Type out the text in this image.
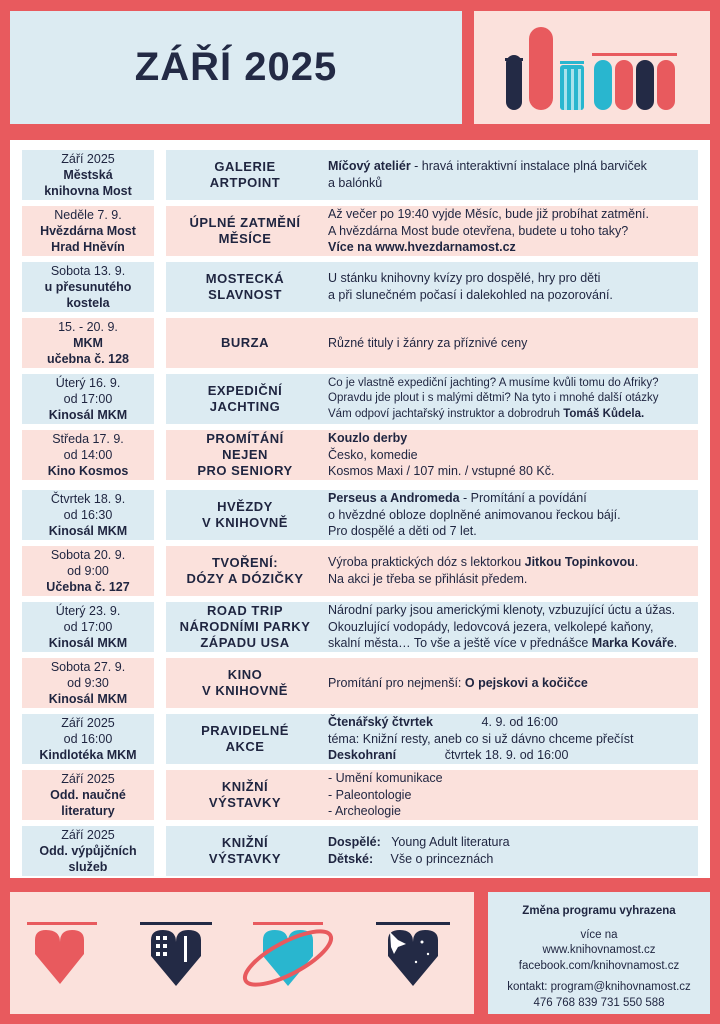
ZÁŘÍ 2025
Září 2025
Městská
knihovna Most
GALERIE
ARTPOINT
Míčový ateliér - hravá interaktivní instalace plná barviček
a balónků
Neděle 7. 9.
Hvězdárna Most
Hrad Hněvín
ÚPLNÉ ZATMĚNÍ
MĚSÍCE
Až večer po 19:40 vyjde Měsíc, bude již probíhat zatmění.
A hvězdárna Most bude otevřena, budete u toho taky?
Více na www.hvezdarnamost.cz
Sobota 13. 9.
u přesunutého
kostela
MOSTECKÁ
SLAVNOST
U stánku knihovny kvízy pro dospělé, hry pro děti
a při slunečném počasí i dalekohled na pozorování.
15. - 20. 9.
MKM
učebna č. 128
BURZA	Různé tituly i žánry za příznivé ceny
Úterý 16. 9.
od 17:00
Kinosál MKM
EXPEDIČNÍ
JACHTING
Co je vlastně expediční jachting? A musíme kvůli tomu do Afriky?
Opravdu jde plout i s malými dětmi? Na tyto i mnohé další otázky
Vám odpoví jachtařský instruktor a dobrodruh Tomáš Kůdela.
Středa 17. 9.
od 14:00
Kino Kosmos
PROMÍTÁNÍ
NEJEN
PRO SENIORY
Kouzlo derby
Česko, komedie
Kosmos Maxi / 107 min. / vstupné 80 Kč.
Čtvrtek 18. 9.
od 16:30
Kinosál MKM
HVĚZDY
V KNIHOVNĚ
Perseus a Andromeda - Promítání a povídání
o hvězdné obloze doplněné animovanou řeckou bájí.
Pro dospělé a děti od 7 let.
Sobota 20. 9.
od 9:00
Učebna č. 127
TVOŘENÍ:
DÓZY A DÓZIČKY
Výroba praktických dóz s lektorkou Jitkou Topinkovou.
Na akci je třeba se přihlásit předem.
Úterý 23. 9.
od 17:00
Kinosál MKM
ROAD TRIP
NÁRODNÍMI PARKY
ZÁPADU USA
Národní parky jsou americkými klenoty, vzbuzující úctu a úžas.
Okouzlující vodopády, ledovcová jezera, velkolepé kaňony,
skalní města… To vše a ještě více v přednášce Marka Kováře.
Sobota 27. 9.
od 9:30
Kinosál MKM
KINO
V KNIHOVNĚ
Promítání pro nejmenší: O pejskovi a kočičce
Září 2025
od 16:00
Kindlotéka MKM
PRAVIDELNÉ
AKCE
Čtenářský čtvrtek              4. 9. od 16:00
téma: Knižní resty, aneb co si už dávno chceme přečíst
Deskohraní              čtvrtek 18. 9. od 16:00
Září 2025
Odd. naučné
literatury
KNIŽNÍ
VÝSTAVKY
- Umění komunikace
- Paleontologie
- Archeologie
Září 2025
Odd. výpůjčních
služeb
KNIŽNÍ
VÝSTAVKY
Dospělé:   Young Adult literatura
Dětské:     Vše o princeznách
Změna programu vyhrazena
více na
www.knihovnamost.cz
facebook.com/knihovnamost.cz
kontakt: program@knihovnamost.cz
476 768 839 731 550 588
